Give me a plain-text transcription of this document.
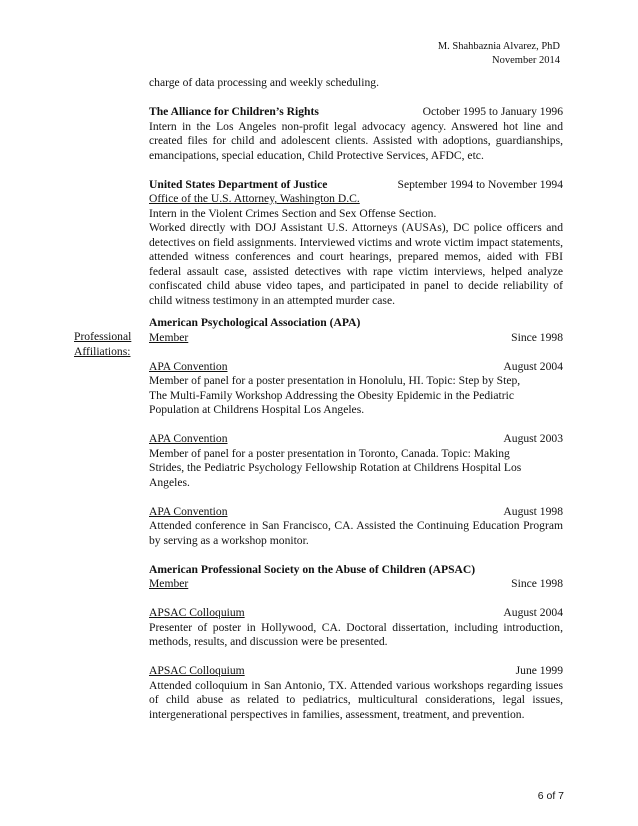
M. Shahbaznia Alvarez, PhD
November 2014
Professional
Affiliations:

charge of data processing and weekly scheduling.

The Alliance for Children’s Rights	October 1995 to January 1996

Intern in the Los Angeles non-profit legal advocacy agency. Answered hot line and created files for child and adolescent clients. Assisted with adoptions, guardianships, emancipations, special education, Child Protective Services, AFDC, etc.

United States Department of Justice	September 1994 to November 1994
Office of the U.S. Attorney, Washington D.C.

Intern in the Violent Crimes Section and Sex Offense Section.

Worked directly with DOJ Assistant U.S. Attorneys (AUSAs), DC police officers and detectives on field assignments. Interviewed victims and wrote victim impact statements, attended witness conferences and court hearings, prepared memos, aided with FBI federal assault case, assisted detectives with rape victim interviews, helped analyze confiscated child abuse video tapes, and participated in panel to decide reliability of child witness testimony in an attempted murder case.

American Psychological Association (APA)
Member	Since 1998
APA Convention	August 2004
Member of panel for a poster presentation in Honolulu, HI. Topic: Step by Step,
The Multi-Family Workshop Addressing the Obesity Epidemic in the Pediatric
Population at Childrens Hospital Los Angeles.
APA Convention	August 2003
Member of panel for a poster presentation in Toronto, Canada. Topic: Making
Strides, the Pediatric Psychology Fellowship Rotation at Childrens Hospital Los
Angeles.
APA Convention	August 1998

Attended conference in San Francisco, CA. Assisted the Continuing Education Program by serving as a workshop monitor.

American Professional Society on the Abuse of Children (APSAC)
Member	Since 1998
APSAC Colloquium	August 2004

Presenter of poster in Hollywood, CA. Doctoral dissertation, including introduction, methods, results, and discussion were be presented.

APSAC Colloquium	June 1999

Attended colloquium in San Antonio, TX. Attended various workshops regarding issues of child abuse as related to pediatrics, multicultural considerations, legal issues, intergenerational perspectives in families, assessment, treatment, and prevention.

6 of 7
